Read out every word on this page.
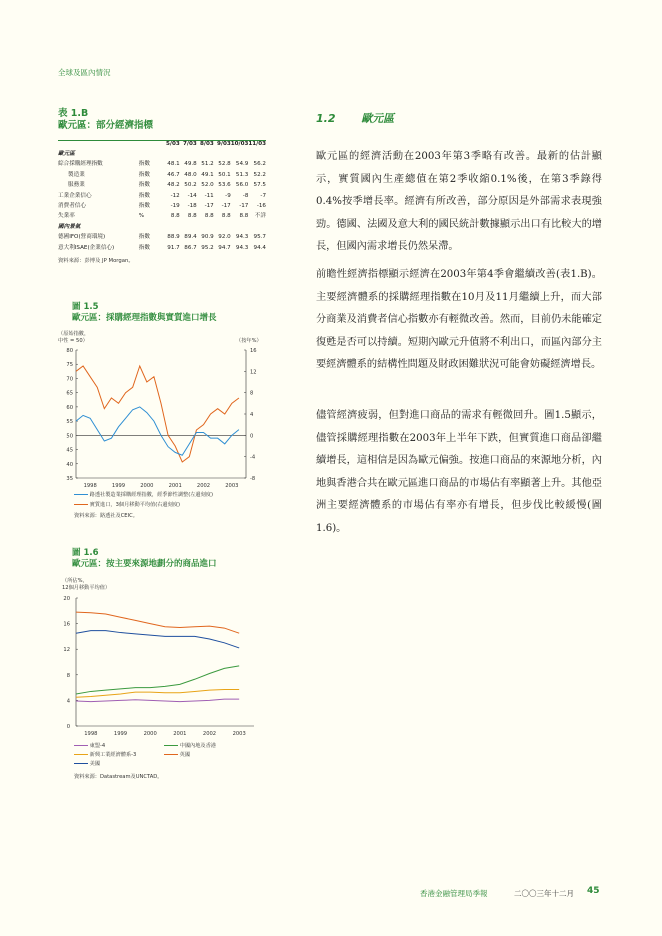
全球及區內情況
表 1.B
歐元區：部分經濟指標
		5/03	7/03	8/03	9/03	10/03	11/03
歐元區							
綜合採購經理指數	指數	48.1	49.8	51.2	52.8	54.9	56.2
製造業	指數	46.7	48.0	49.1	50.1	51.3	52.2
服務業	指數	48.2	50.2	52.0	53.6	56.0	57.5
工業企業信心	指數	-12	-14	-11	-9	-8	-7
消費者信心	指數	-19	-18	-17	-17	-17	-16
失業率	%	8.8	8.8	8.8	8.8	8.8	不詳
國內景氣							
德國IFO(營商環境)	指數	88.9	89.4	90.9	92.0	94.3	95.7
意大利ISAE(企業信心)	指數	91.7	86.7	95.2	94.7	94.3	94.4
資料來源：彭博及 JP Morgan。
圖 1.5
歐元區：採購經理指數與實質進口增長
35
40
45
50
55
60
65
70
75
80
-8
-4
0
4
8
12
16
1998	1999	2000	2001	2002	2003
（原始指數，
中性 = 50）	（按年%）
路透社製造業採購經理指數，經季節性調整(左邊刻度)
實質進口，3個月移動平均值(右邊刻度)
資料來源：路透社及CEIC。
圖 1.6
歐元區：按主要來源地劃分的商品進口
（所佔%，
12個月移動平均值）
0
4
8
12
16
20
1998	1999	2000	2001	2002	2003
東盟-4	中國內地及香港
新興工業經濟體系-3	英國
美國
資料來源：Datastream及UNCTAD。
1.2 歐元區
歐元區的經濟活動在2003年第3季略有改善。最新的估計顯示，實質國內生產總值在第2季收縮0.1%後，在第3季錄得0.4%按季增長率。經濟有所改善，部分原因是外部需求表現強勁。德國、法國及意大利的國民統計數據顯示出口有比較大的增長，但國內需求增長仍然呆滯。
前瞻性經濟指標顯示經濟在2003年第4季會繼續改善(表1.B)。主要經濟體系的採購經理指數在10月及11月繼續上升，而大部分商業及消費者信心指數亦有輕微改善。然而，目前仍未能確定復甦是否可以持續。短期內歐元升值將不利出口，而區內部分主要經濟體系的結構性問題及財政困難狀況可能會妨礙經濟增長。
儘管經濟疲弱，但對進口商品的需求有輕微回升。圖1.5顯示，儘管採購經理指數在2003年上半年下跌，但實質進口商品卻繼續增長，這相信是因為歐元偏強。按進口商品的來源地分析，內地與香港合共在歐元區進口商品的市場佔有率顯著上升。其他亞洲主要經濟體系的市場佔有率亦有增長，但步伐比較緩慢(圖1.6)。
香港金融管理局季報	二〇〇三年十二月 45
